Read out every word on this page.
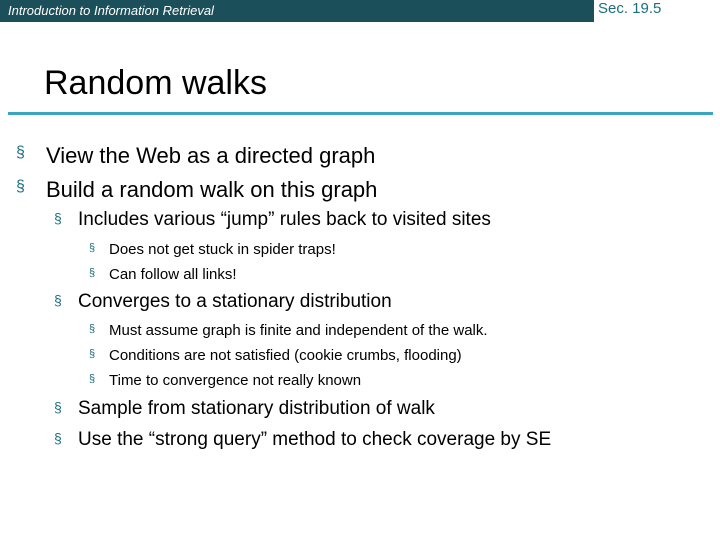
Introduction to Information Retrieval	Sec. 19.5
Random walks
§ View the Web as a directed graph
§ Build a random walk on this graph
§ Includes various “jump” rules back to visited sites
§ Does not get stuck in spider traps!
§ Can follow all links!
§ Converges to a stationary distribution
§ Must assume graph is finite and independent of the walk.
§ Conditions are not satisfied (cookie crumbs, flooding)
§ Time to convergence not really known
§ Sample from stationary distribution of walk
§ Use the “strong query” method to check coverage by SE
